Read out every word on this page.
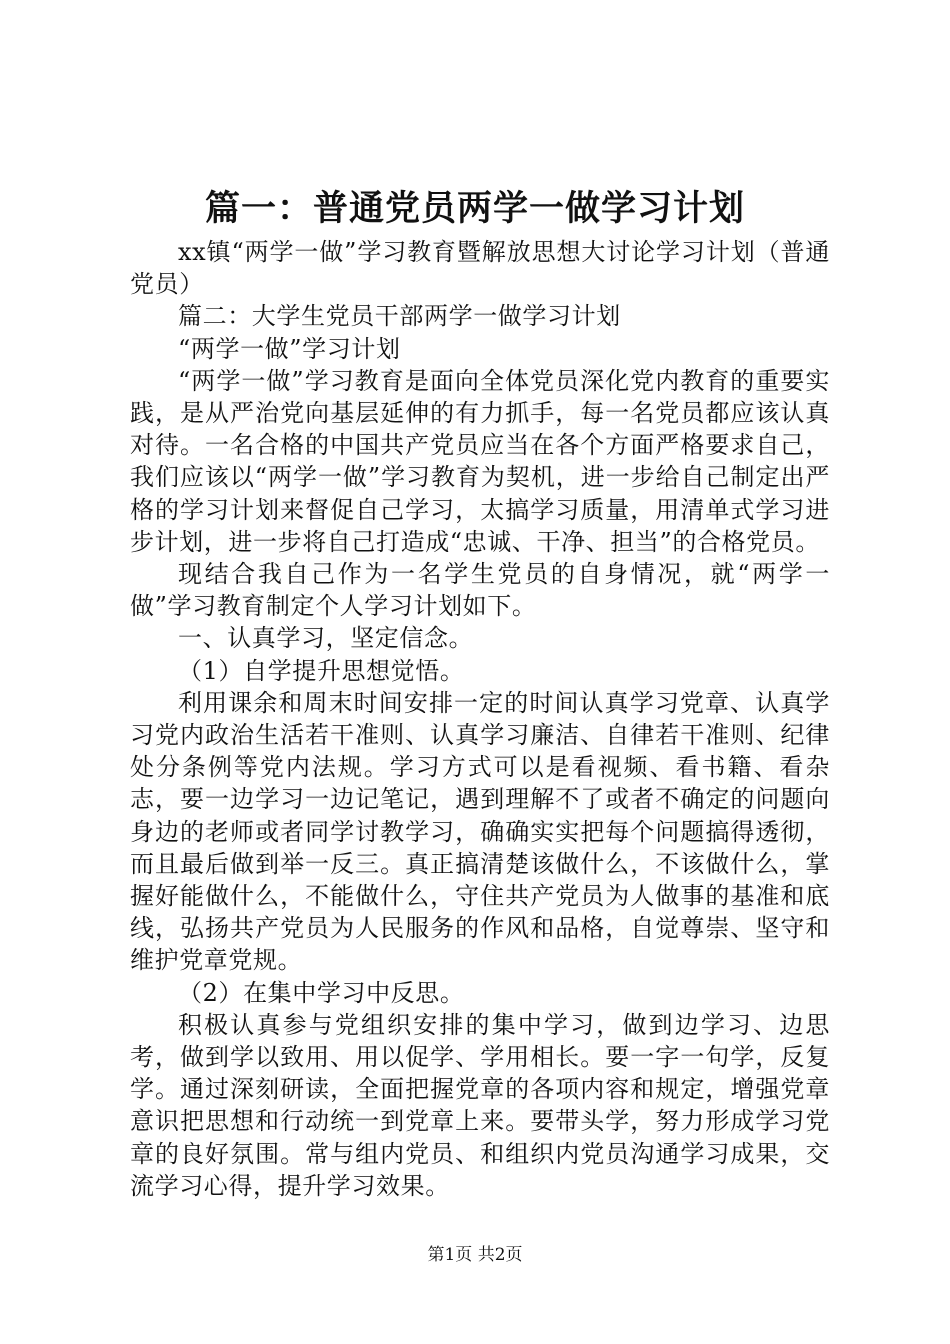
篇一：普通党员两学一做学习计划

xx镇“两学一做”学习教育暨解放思想大讨论学习计划（普通党员）

篇二：大学生党员干部两学一做学习计划

“两学一做”学习计划

“两学一做”学习教育是面向全体党员深化党内教育的重要实践，是从严治党向基层延伸的有力抓手，每一名党员都应该认真对待。一名合格的中国共产党员应当在各个方面严格要求自己，我们应该以“两学一做”学习教育为契机，进一步给自己制定出严格的学习计划来督促自己学习，太搞学习质量，用清单式学习进步计划，进一步将自己打造成“忠诚、干净、担当”的合格党员。

现结合我自己作为一名学生党员的自身情况，就“两学一做”学习教育制定个人学习计划如下。

一、认真学习，坚定信念。

（1）自学提升思想觉悟。

利用课余和周末时间安排一定的时间认真学习党章、认真学习党内政治生活若干准则、认真学习廉洁、自律若干准则、纪律处分条例等党内法规。学习方式可以是看视频、看书籍、看杂志，要一边学习一边记笔记，遇到理解不了或者不确定的问题向身边的老师或者同学讨教学习，确确实实把每个问题搞得透彻，而且最后做到举一反三。真正搞清楚该做什么，不该做什么，掌握好能做什么，不能做什么，守住共产党员为人做事的基准和底线，弘扬共产党员为人民服务的作风和品格，自觉尊崇、坚守和维护党章党规。

（2）在集中学习中反思。

积极认真参与党组织安排的集中学习，做到边学习、边思考，做到学以致用、用以促学、学用相长。要一字一句学，反复学。通过深刻研读，全面把握党章的各项内容和规定，增强党章意识把思想和行动统一到党章上来。要带头学，努力形成学习党章的良好氛围。常与组内党员、和组织内党员沟通学习成果，交流学习心得，提升学习效果。

第1页 共2页
